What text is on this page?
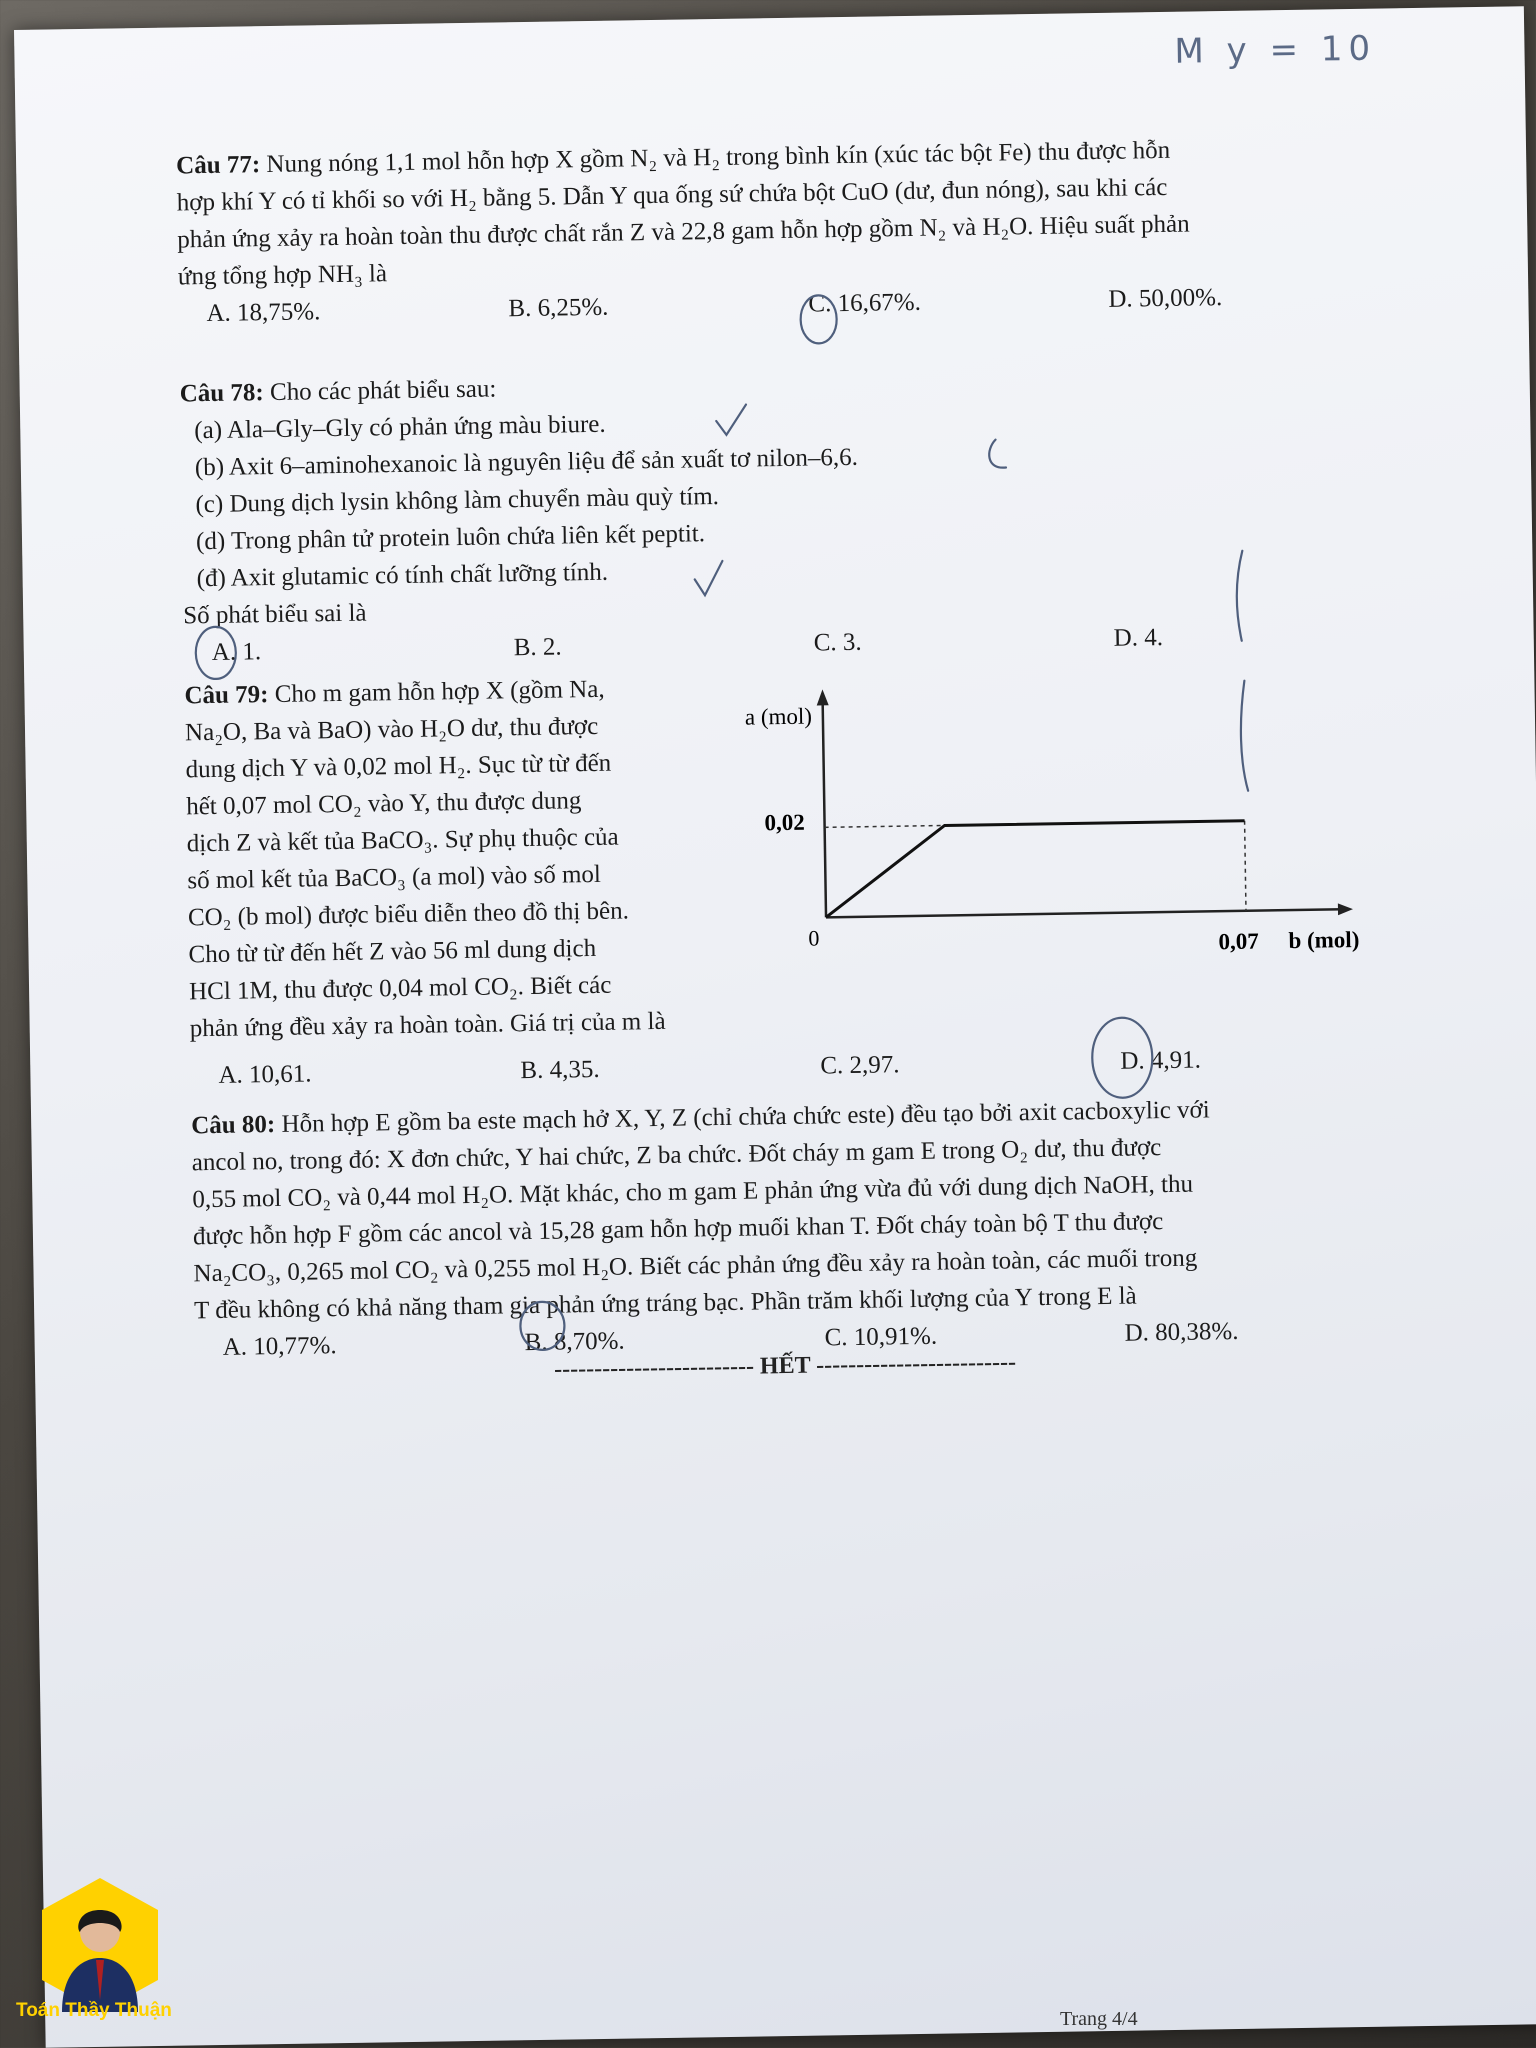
M y = 10

Câu 77: Nung nóng 1,1 mol hỗn hợp X gồm N₂ và H₂ trong bình kín (xúc tác bột Fe) thu được hỗn

hợp khí Y có tỉ khối so với H₂ bằng 5. Dẫn Y qua ống sứ chứa bột CuO (dư, đun nóng), sau khi các

phản ứng xảy ra hoàn toàn thu được chất rắn Z và 22,8 gam hỗn hợp gồm N₂ và H₂O. Hiệu suất phản

ứng tổng hợp NH₃ là

A. 18,75%.	B. 6,25%.	C. 16,67%.	D. 50,00%.

Câu 78: Cho các phát biểu sau:

(a) Ala–Gly–Gly có phản ứng màu biure.

(b) Axit 6–aminohexanoic là nguyên liệu để sản xuất tơ nilon–6,6.

(c) Dung dịch lysin không làm chuyển màu quỳ tím.

(d) Trong phân tử protein luôn chứa liên kết peptit.

(đ) Axit glutamic có tính chất lưỡng tính.

Số phát biểu sai là

A. 1.	B. 2.	C. 3.	D. 4.

Câu 79: Cho m gam hỗn hợp X (gồm Na,

Na₂O, Ba và BaO) vào H₂O dư, thu được

dung dịch Y và 0,02 mol H₂. Sục từ từ đến

hết 0,07 mol CO₂ vào Y, thu được dung

dịch Z và kết tủa BaCO₃. Sự phụ thuộc của

số mol kết tủa BaCO₃ (a mol) vào số mol

CO₂ (b mol) được biểu diễn theo đồ thị bên.

Cho từ từ đến hết Z vào 56 ml dung dịch

HCl 1M, thu được 0,04 mol CO₂. Biết các

phản ứng đều xảy ra hoàn toàn. Giá trị của m là

A. 10,61.	B. 4,35.	C. 2,97.	D. 4,91.
a (mol)
b (mol)
0
0,02
0,07

Câu 80: Hỗn hợp E gồm ba este mạch hở X, Y, Z (chỉ chứa chức este) đều tạo bởi axit cacboxylic với

ancol no, trong đó: X đơn chức, Y hai chức, Z ba chức. Đốt cháy m gam E trong O₂ dư, thu được

0,55 mol CO₂ và 0,44 mol H₂O. Mặt khác, cho m gam E phản ứng vừa đủ với dung dịch NaOH, thu

được hỗn hợp F gồm các ancol và 15,28 gam hỗn hợp muối khan T. Đốt cháy toàn bộ T thu được

Na₂CO₃, 0,265 mol CO₂ và 0,255 mol H₂O. Biết các phản ứng đều xảy ra hoàn toàn, các muối trong

T đều không có khả năng tham gia phản ứng tráng bạc. Phần trăm khối lượng của Y trong E là

A. 10,77%.	B. 8,70%.	C. 10,91%.	D. 80,38%.
------------------------- HẾT -------------------------
Toán Thầy Thuận	Trang 4/4
